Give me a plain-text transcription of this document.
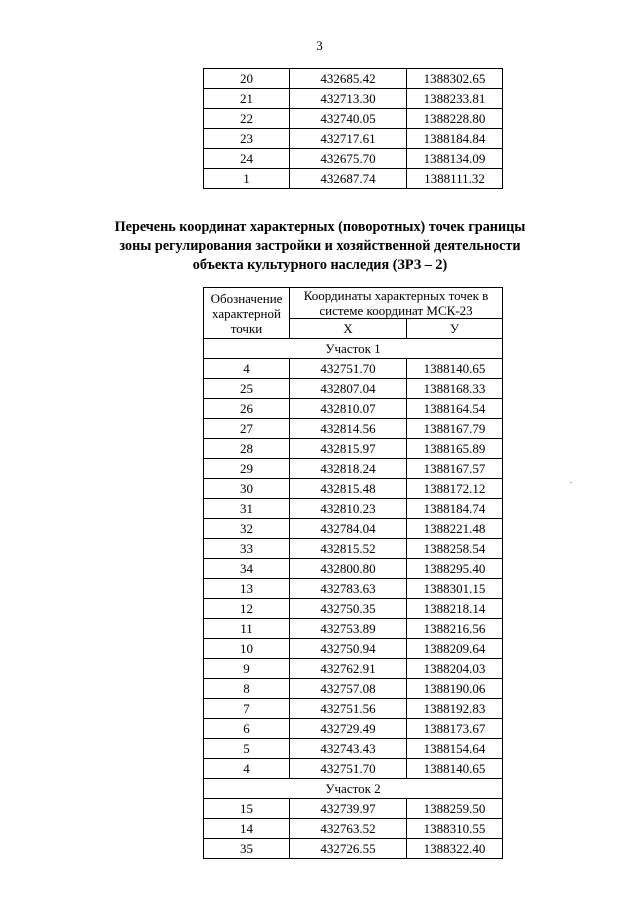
3
20	432685.42	1388302.65
21	432713.30	1388233.81
22	432740.05	1388228.80
23	432717.61	1388184.84
24	432675.70	1388134.09
1	432687.74	1388111.32
Перечень координат характерных (поворотных) точек границы зоны регулирования застройки и хозяйственной деятельности объекта культурного наследия (ЗРЗ – 2)
Обозначение характерной точки	Координаты характерных точек в системе координат МСК-23	
	X	У
Участок 1		
4	432751.70	1388140.65
25	432807.04	1388168.33
26	432810.07	1388164.54
27	432814.56	1388167.79
28	432815.97	1388165.89
29	432818.24	1388167.57
30	432815.48	1388172.12
31	432810.23	1388184.74
32	432784.04	1388221.48
33	432815.52	1388258.54
34	432800.80	1388295.40
13	432783.63	1388301.15
12	432750.35	1388218.14
11	432753.89	1388216.56
10	432750.94	1388209.64
9	432762.91	1388204.03
8	432757.08	1388190.06
7	432751.56	1388192.83
6	432729.49	1388173.67
5	432743.43	1388154.64
4	432751.70	1388140.65
Участок 2		
15	432739.97	1388259.50
14	432763.52	1388310.55
35	432726.55	1388322.40
.
